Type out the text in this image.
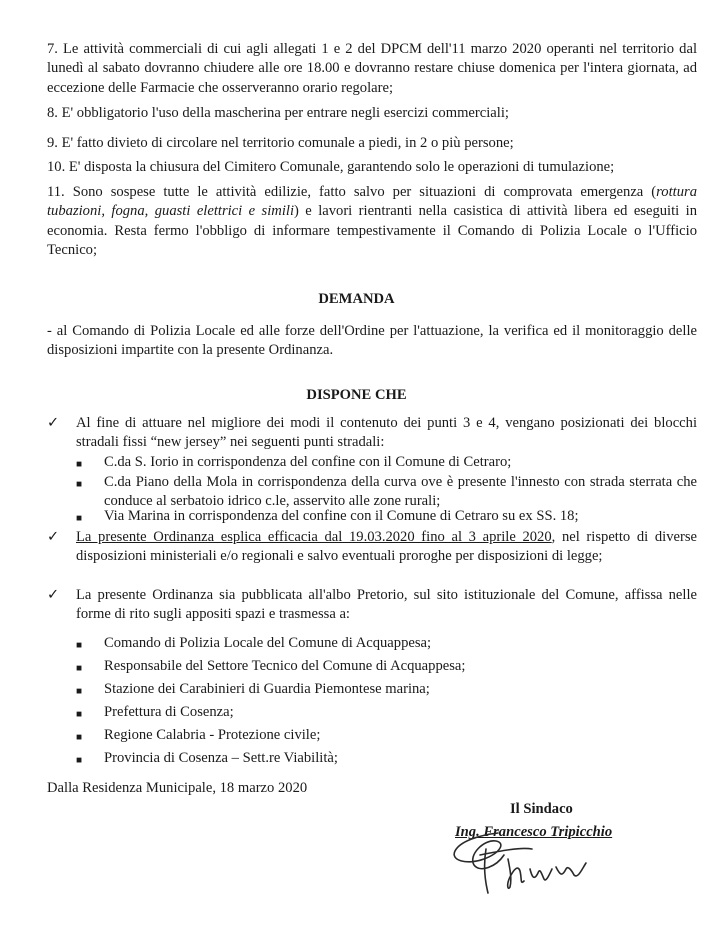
7. Le attività commerciali di cui agli allegati 1 e 2 del DPCM dell'11 marzo 2020 operanti nel territorio dal lunedì al sabato dovranno chiudere alle ore 18.00 e dovranno restare chiuse domenica per l'intera giornata, ad eccezione delle Farmacie che osserveranno orario regolare;

8. E' obbligatorio l'uso della mascherina per entrare negli esercizi commerciali;

9. E' fatto divieto di circolare nel territorio comunale a piedi, in 2 o più persone;

10. E' disposta la chiusura del Cimitero Comunale, garantendo solo le operazioni di tumulazione;

11. Sono sospese tutte le attività edilizie, fatto salvo per situazioni di comprovata emergenza (rottura tubazioni, fogna, guasti elettrici e simili) e lavori rientranti nella casistica di attività libera ed eseguiti in economia. Resta fermo l'obbligo di informare tempestivamente il Comando di Polizia Locale o l'Ufficio Tecnico;

DEMANDA

- al Comando di Polizia Locale ed alle forze dell'Ordine per l'attuazione, la verifica ed il monitoraggio delle disposizioni impartite con la presente Ordinanza.

DISPONE CHE

✓	Al fine di attuare nel migliore dei modi il contenuto dei punti 3 e 4, vengano posizionati dei blocchi stradali fissi “new jersey” nei seguenti punti stradali:

■ C.da S. Iorio in corrispondenza del confine con il Comune di Cetraro;

■ C.da Piano della Mola in corrispondenza della curva ove è presente l'innesto con strada sterrata che conduce al serbatoio idrico c.le, asservito alle zone rurali;

■ Via Marina in corrispondenza del confine con il Comune di Cetraro su ex SS. 18;

✓	La presente Ordinanza esplica efficacia dal 19.03.2020 fino al 3 aprile 2020, nel rispetto di diverse disposizioni ministeriali e/o regionali e salvo eventuali proroghe per disposizioni di legge;

✓	La presente Ordinanza sia pubblicata all'albo Pretorio, sul sito istituzionale del Comune, affissa nelle forme di rito sugli appositi spazi e trasmessa a:

■ Comando di Polizia Locale del Comune di Acquappesa;

■ Responsabile del Settore Tecnico del Comune di Acquappesa;

■ Stazione dei Carabinieri di Guardia Piemontese marina;

■ Prefettura di Cosenza;

■ Regione Calabria - Protezione civile;

■ Provincia di Cosenza – Sett.re Viabilità;

Dalla Residenza Municipale, 18 marzo 2020

Il Sindaco
Ing. Francesco Tripicchio
